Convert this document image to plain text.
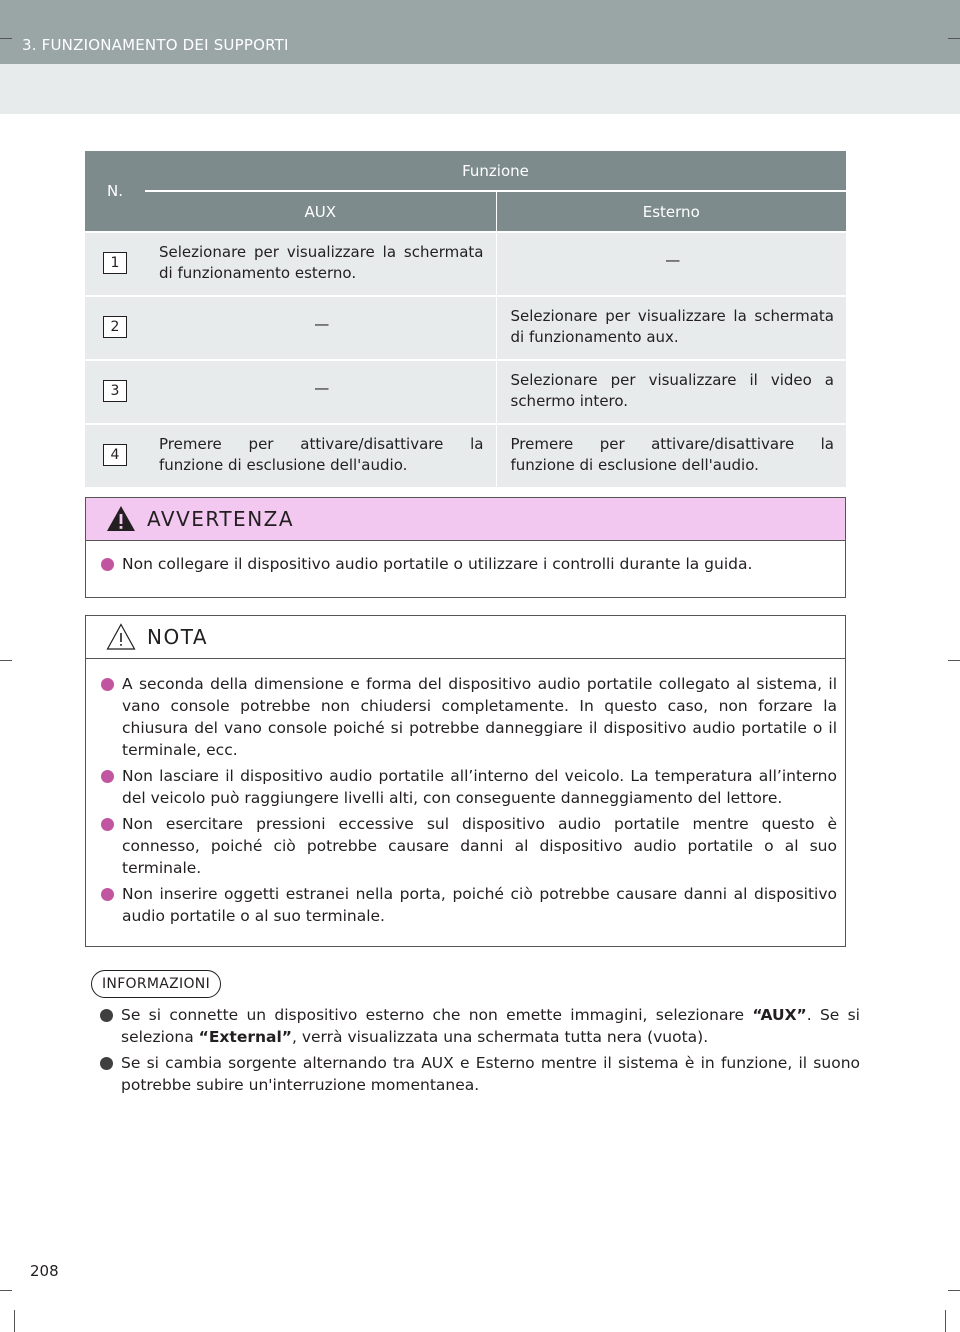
3. FUNZIONAMENTO DEI SUPPORTI
N.	Funzione	
	AUX	Esterno
1	Selezionare per visualizzare la schermata di funzionamento esterno.	—

2	—	Selezionare per visualizzare la schermata di funzionamento aux.
3	—	Selezionare per visualizzare il video a schermo intero.
4	Premere per attivare/disattivare la funzione di esclusione dell'audio.	Premere per attivare/disattivare la funzione di esclusione dell'audio.
AVVERTENZA
Non collegare il dispositivo audio portatile o utilizzare i controlli durante la guida.
NOTA
A seconda della dimensione e forma del dispositivo audio portatile collegato al sistema, il vano console potrebbe non chiudersi completamente. In questo caso, non forzare la chiusura del vano console poiché si potrebbe danneggiare il dispositivo audio portatile o il terminale, ecc.
Non lasciare il dispositivo audio portatile all’interno del veicolo. La temperatura all’interno del veicolo può raggiungere livelli alti, con conseguente danneggiamento del lettore.
Non esercitare pressioni eccessive sul dispositivo audio portatile mentre questo è connesso, poiché ciò potrebbe causare danni al dispositivo audio portatile o al suo terminale.
Non inserire oggetti estranei nella porta, poiché ciò potrebbe causare danni al dispositivo audio portatile o al suo terminale.
INFORMAZIONI
Se si connette un dispositivo esterno che non emette immagini, selezionare “AUX”. Se si seleziona “External”, verrà visualizzata una schermata tutta nera (vuota).
Se si cambia sorgente alternando tra AUX e Esterno mentre il sistema è in funzione, il suono potrebbe subire un'interruzione momentanea.
208
